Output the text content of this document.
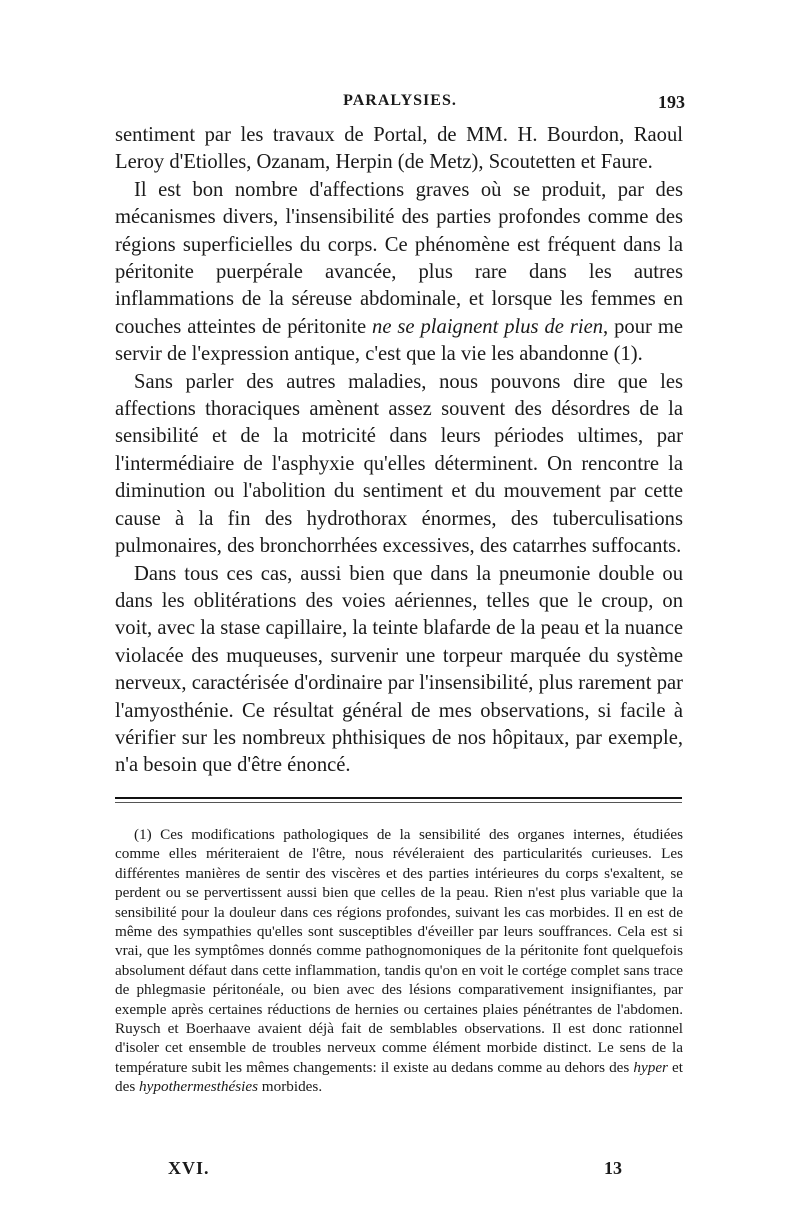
PARALYSIES.	193

sentiment par les travaux de Portal, de MM. H. Bourdon, Raoul Leroy d'Etiolles, Ozanam, Herpin (de Metz), Scoutetten et Faure.

Il est bon nombre d'affections graves où se produit, par des mécanismes divers, l'insensibilité des parties profondes comme des régions superficielles du corps. Ce phénomène est fréquent dans la péritonite puerpérale avancée, plus rare dans les autres inflammations de la séreuse abdominale, et lorsque les femmes en couches atteintes de péritonite ne se plaignent plus de rien, pour me servir de l'expression antique, c'est que la vie les abandonne (1).

Sans parler des autres maladies, nous pouvons dire que les affections thoraciques amènent assez souvent des désordres de la sensibilité et de la motricité dans leurs périodes ultimes, par l'intermédiaire de l'asphyxie qu'elles déterminent. On rencontre la diminution ou l'abolition du sentiment et du mouvement par cette cause à la fin des hydrothorax énormes, des tuberculisations pulmonaires, des bronchorrhées excessives, des catarrhes suffocants.

Dans tous ces cas, aussi bien que dans la pneumonie double ou dans les oblitérations des voies aériennes, telles que le croup, on voit, avec la stase capillaire, la teinte blafarde de la peau et la nuance violacée des muqueuses, survenir une torpeur marquée du système nerveux, caractérisée d'ordinaire par l'insensibilité, plus rarement par l'amyosthénie. Ce résultat général de mes observations, si facile à vérifier sur les nombreux phthisiques de nos hôpitaux, par exemple, n'a besoin que d'être énoncé.

(1) Ces modifications pathologiques de la sensibilité des organes internes, étudiées comme elles mériteraient de l'être, nous révéleraient des particularités curieuses. Les différentes manières de sentir des viscères et des parties intérieures du corps s'exaltent, se perdent ou se pervertissent aussi bien que celles de la peau. Rien n'est plus variable que la sensibilité pour la douleur dans ces régions profondes, suivant les cas morbides. Il en est de même des sympathies qu'elles sont susceptibles d'éveiller par leurs souffrances. Cela est si vrai, que les symptômes donnés comme pathognomoniques de la péritonite font quelquefois absolument défaut dans cette inflammation, tandis qu'on en voit le cortége complet sans trace de phlegmasie péritonéale, ou bien avec des lésions comparativement insignifiantes, par exemple après certaines réductions de hernies ou certaines plaies pénétrantes de l'abdomen. Ruysch et Boerhaave avaient déjà fait de semblables observations. Il est donc rationnel d'isoler cet ensemble de troubles nerveux comme élément morbide distinct. Le sens de la température subit les mêmes changements: il existe au dedans comme au dehors des hyper et des hypothermesthésies morbides.

XVI.	13
